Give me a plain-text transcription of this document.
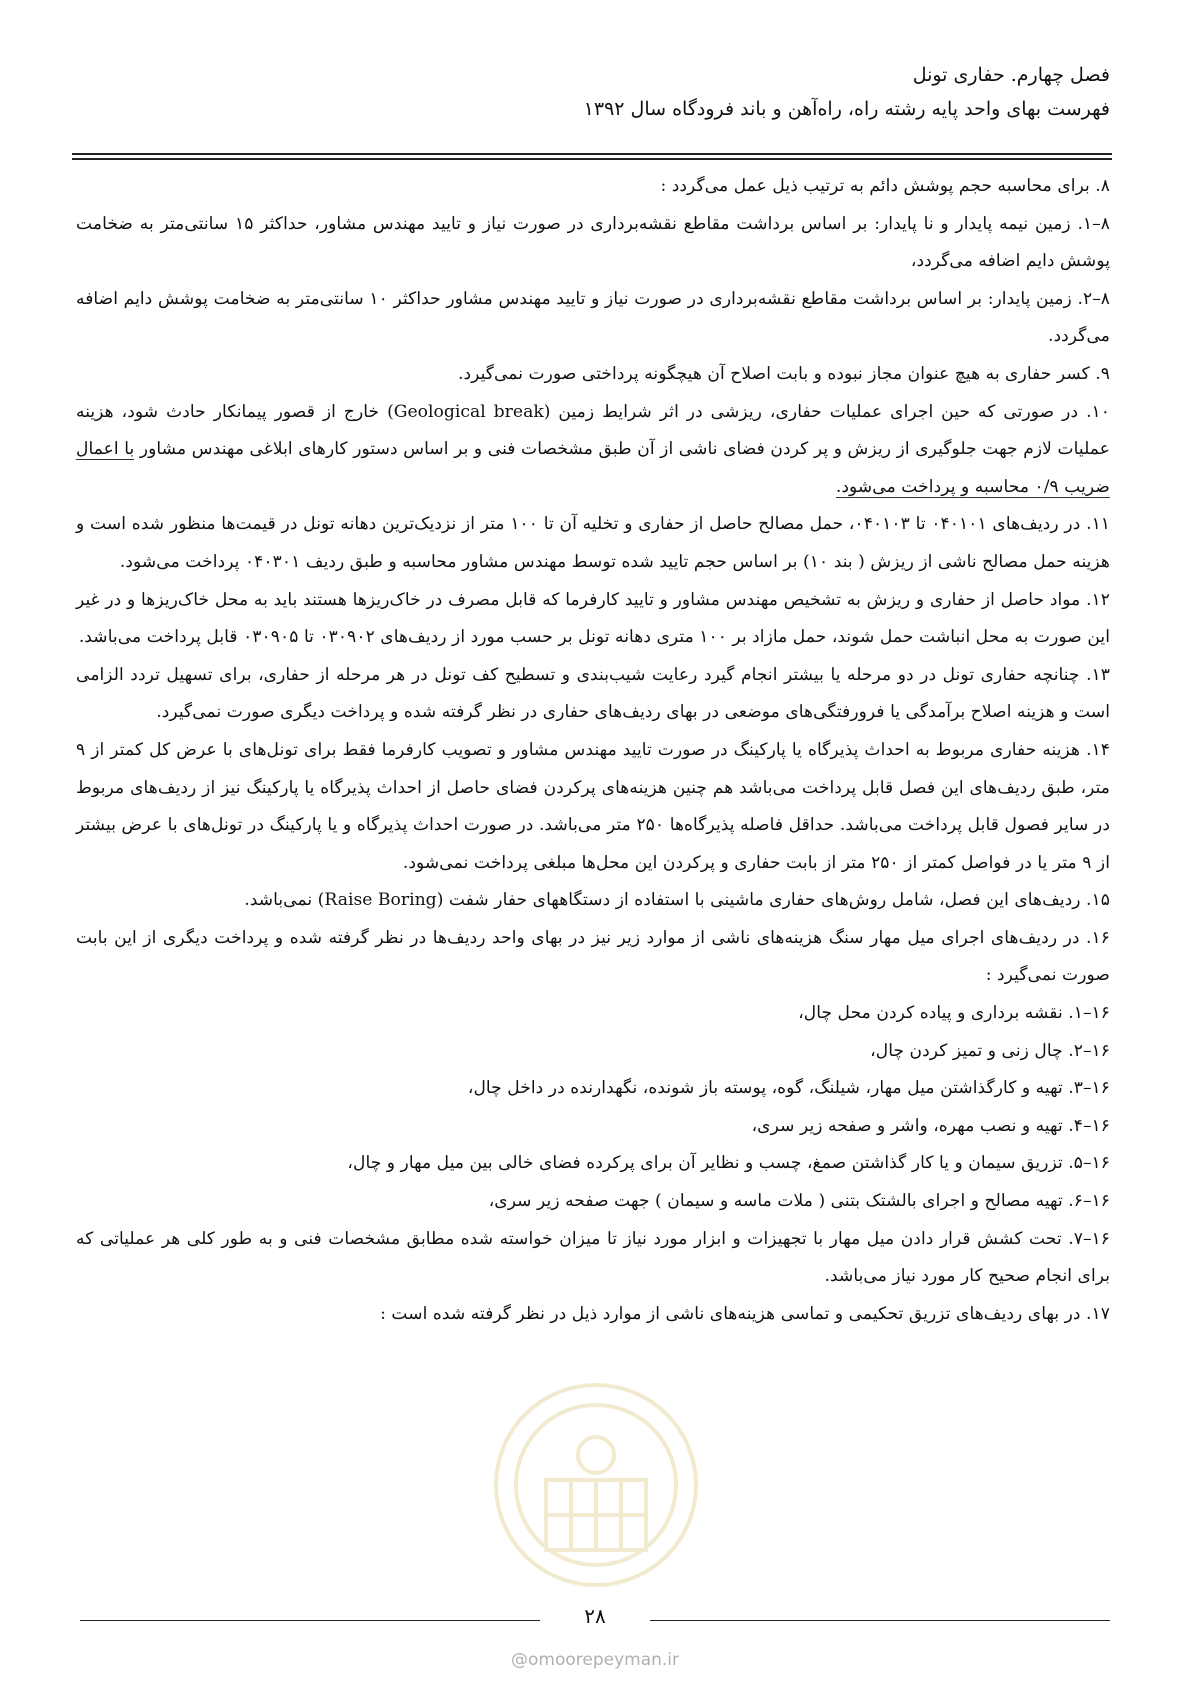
فصل چهارم. حفاری تونل
فهرست بهای واحد پایه رشته راه، راه‌آهن و باند فرودگاه سال ۱۳۹۲

۸. برای محاسبه حجم پوشش دائم به ترتیب ذیل عمل می‌گردد :

۸–۱. زمین نیمه پایدار و نا پایدار: بر اساس برداشت مقاطع نقشه‌برداری در صورت نیاز و تایید مهندس مشاور، حداکثر ۱۵ سانتی‌متر به ضخامت پوشش دایم اضافه می‌گردد،

۸–۲. زمین پایدار: بر اساس برداشت مقاطع نقشه‌برداری در صورت نیاز و تایید مهندس مشاور حداکثر ۱۰ سانتی‌متر به ضخامت پوشش دایم اضافه می‌گردد.

۹. کسر حفاری به هیچ عنوان مجاز نبوده و بابت اصلاح آن هیچگونه پرداختی صورت نمی‌گیرد.

۱۰. در صورتی که حین اجرای عملیات حفاری، ریزشی در اثر شرایط زمین (Geological break) خارج از قصور پیمانکار حادث شود، هزینه عملیات لازم جهت جلوگیری از ریزش و پر کردن فضای ناشی از آن طبق مشخصات فنی و بر اساس دستور کارهای ابلاغی مهندس مشاور با اعمال ضریب ۰/۹ محاسبه و پرداخت می‌شود.

۱۱. در ردیف‌های ۰۴۰۱۰۱ تا ۰۴۰۱۰۳، حمل مصالح حاصل از حفاری و تخلیه آن تا ۱۰۰ متر از نزدیک‌ترین دهانه تونل در قیمت‌ها منظور شده است و هزینه حمل مصالح ناشی از ریزش ( بند ۱۰) بر اساس حجم تایید شده توسط مهندس مشاور محاسبه و طبق ردیف ۰۴۰۳۰۱ پرداخت می‌شود.

۱۲. مواد حاصل از حفاری و ریزش به تشخیص مهندس مشاور و تایید کارفرما که قابل مصرف در خاک‌ریزها هستند باید به محل خاک‌ریزها و در غیر این صورت به محل انباشت حمل شوند، حمل مازاد بر ۱۰۰ متری دهانه تونل بر حسب مورد از ردیف‌های ۰۳۰۹۰۲ تا ۰۳۰۹۰۵ قابل پرداخت می‌باشد.

۱۳. چنانچه حفاری تونل در دو مرحله یا بیشتر انجام گیرد رعایت شیب‌بندی و تسطیح کف تونل در هر مرحله از حفاری، برای تسهیل تردد الزامی است و هزینه اصلاح برآمدگی یا فرورفتگی‌های موضعی در بهای ردیف‌های حفاری در نظر گرفته شده و پرداخت دیگری صورت نمی‌گیرد.

۱۴. هزینه حفاری مربوط به احداث پذیرگاه یا پارکینگ در صورت تایید مهندس مشاور و تصویب کارفرما فقط برای تونل‌های با عرض کل کمتر از ۹ متر، طبق ردیف‌های این فصل قابل پرداخت می‌باشد هم چنین هزینه‌های پرکردن فضای حاصل از احداث پذیرگاه یا پارکینگ نیز از ردیف‌های مربوط در سایر فصول قابل پرداخت می‌باشد. حداقل فاصله پذیرگاه‌ها ۲۵۰ متر می‌باشد. در صورت احداث پذیرگاه و یا پارکینگ در تونل‌های با عرض بیشتر از ۹ متر یا در فواصل کمتر از ۲۵۰ متر از بابت حفاری و پرکردن این محل‌ها مبلغی پرداخت نمی‌شود.

۱۵. ردیف‌های این فصل، شامل روش‌های حفاری ماشینی با استفاده از دستگاههای حفار شفت (Raise Boring) نمی‌باشد.

۱۶. در ردیف‌های اجرای میل مهار سنگ هزینه‌های ناشی از موارد زیر نیز در بهای واحد ردیف‌ها در نظر گرفته شده و پرداخت دیگری از این بابت صورت نمی‌گیرد :

۱۶–۱. نقشه برداری و پیاده کردن محل چال،

۱۶–۲. چال زنی و تمیز کردن چال،

۱۶–۳. تهیه و کارگذاشتن میل مهار، شیلنگ، گوه، پوسته باز شونده، نگهدارنده در داخل چال،

۱۶–۴. تهیه و نصب مهره، واشر و صفحه زیر سری،

۱۶–۵. تزریق سیمان و یا کار گذاشتن صمغ، چسب و نظایر آن برای پرکرده فضای خالی بین میل مهار و چال،

۱۶–۶. تهیه مصالح و اجرای بالشتک بتنی ( ملات ماسه و سیمان ) جهت صفحه زیر سری،

۱۶–۷. تحت کشش قرار دادن میل مهار با تجهیزات و ابزار مورد نیاز تا میزان خواسته شده مطابق مشخصات فنی و به طور کلی هر عملیاتی که برای انجام صحیح کار مورد نیاز می‌باشد.

۱۷. در بهای ردیف‌های تزریق تحکیمی و تماسی هزینه‌های ناشی از موارد ذیل در نظر گرفته شده است :

۲۸
@omoorepeyman.ir
